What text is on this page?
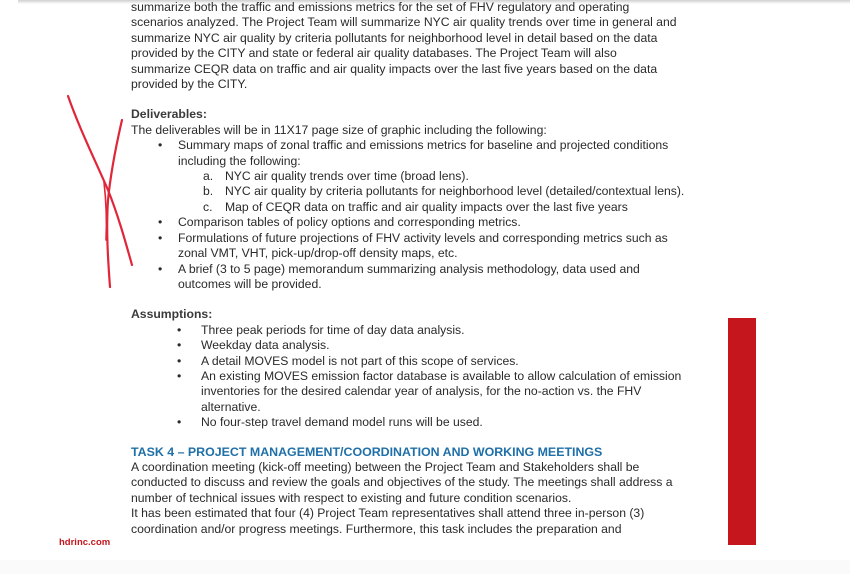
summarize both the traffic and emissions metrics for the set of FHV regulatory and operating

scenarios analyzed. The Project Team will summarize NYC air quality trends over time in general and

summarize NYC air quality by criteria pollutants for neighborhood level in detail based on the data

provided by the CITY and state or federal air quality databases. The Project Team will also

summarize CEQR data on traffic and air quality impacts over the last five years based on the data

provided by the CITY.

Deliverables:

The deliverables will be in 11X17 page size of graphic including the following:

• Summary maps of zonal traffic and emissions metrics for baseline and projected conditions
including the following:
a. NYC air quality trends over time (broad lens).
b. NYC air quality by criteria pollutants for neighborhood level (detailed/contextual lens).
c. Map of CEQR data on traffic and air quality impacts over the last five years
• Comparison tables of policy options and corresponding metrics.
• Formulations of future projections of FHV activity levels and corresponding metrics such as
zonal VMT, VHT, pick-up/drop-off density maps, etc.
• A brief (3 to 5 page) memorandum summarizing analysis methodology, data used and
outcomes will be provided.

Assumptions:

• Three peak periods for time of day data analysis.
• Weekday data analysis.
• A detail MOVES model is not part of this scope of services.
• An existing MOVES emission factor database is available to allow calculation of emission
inventories for the desired calendar year of analysis, for the no-action vs. the FHV
alternative.
• No four-step travel demand model runs will be used.

TASK 4 – PROJECT MANAGEMENT/COORDINATION AND WORKING MEETINGS

A coordination meeting (kick-off meeting) between the Project Team and Stakeholders shall be

conducted to discuss and review the goals and objectives of the study. The meetings shall address a

number of technical issues with respect to existing and future condition scenarios.

It has been estimated that four (4) Project Team representatives shall attend three in-person (3)

coordination and/or progress meetings. Furthermore, this task includes the preparation and

hdrinc.com
